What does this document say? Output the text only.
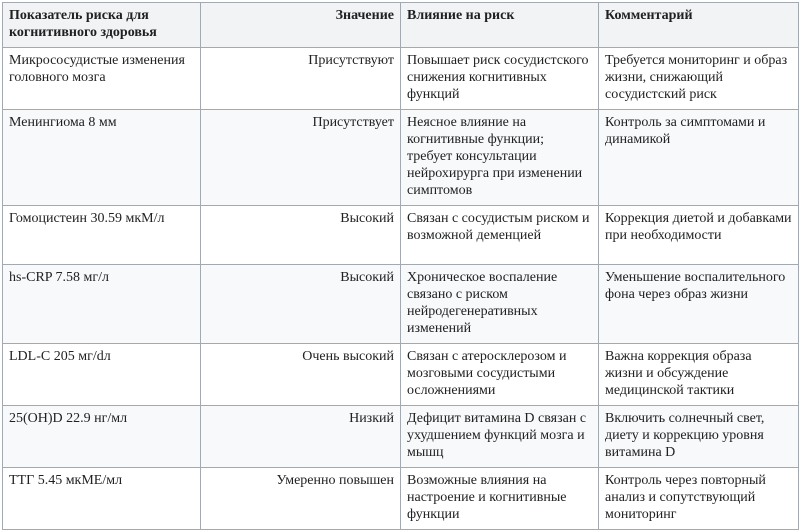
Показатель риска для когнитивного здоровья	Значение	Влияние на риск	Комментарий
Микрососудистые изменения головного мозга	Присутствуют	Повышает риск сосудистского снижения когнитивных функций	Требуется мониторинг и образ жизни, снижающий сосудистский риск
Менингиома 8 мм	Присутствует	Неясное влияние на когнитивные функции; требует консультации нейрохирурга при изменении симптомов	Контроль за симптомами и динамикой
Гомоцистеин 30.59 мкМ/л	Высокий	Связан с сосудистым риском и возможной деменцией	Коррекция диетой и добавками при необходимости
hs-CRP 7.58 мг/л	Высокий	Хроническое воспаление связано с риском нейродегенеративных изменений	Уменьшение воспалительного фона через образ жизни
LDL-C 205 мг/dл	Очень высокий	Связан с атеросклерозом и мозговыми сосудистыми осложнениями	Важна коррекция образа жизни и обсуждение медицинской тактики
25(OH)D 22.9 нг/мл	Низкий	Дефицит витамина D связан с ухудшением функций мозга и мышц	Включить солнечный свет, диету и коррекцию уровня витамина D
ТТГ 5.45 мкМЕ/мл	Умеренно повышен	Возможные влияния на настроение и когнитивные функции	Контроль через повторный анализ и сопутствующий мониторинг
